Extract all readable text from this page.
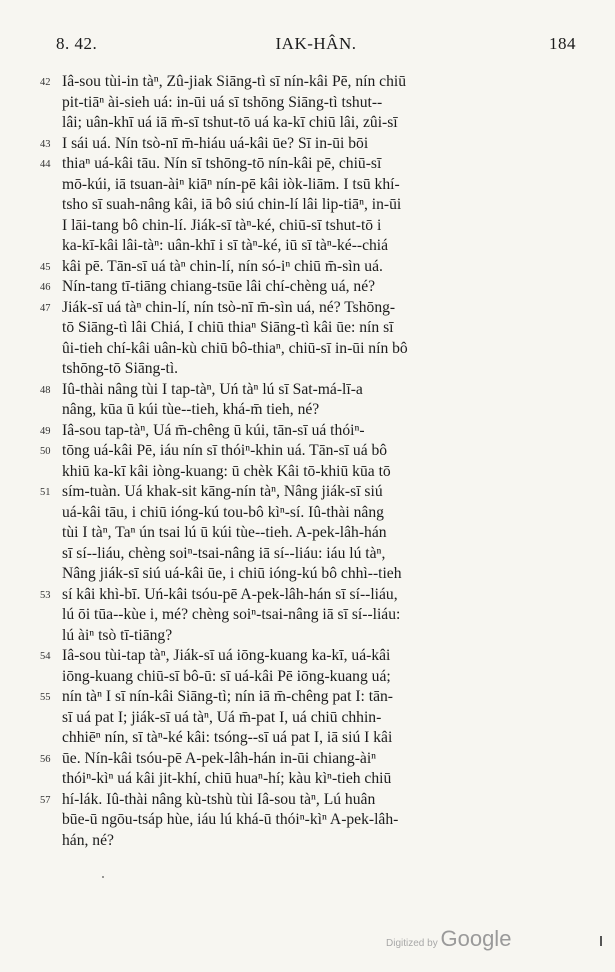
8. 42.	IAK-HÂN.	184
42 Iâ-sou tùi-in tàⁿ, Zû-jiak Siāng-tì sī nín-kâi Pē, nín chiū
pit-tiāⁿ ài-sieh uá: in-ūi uá sī tshōng Siāng-tì tshut--
lâi; uân-khī uá iā m̄-sī tshut-tō uá ka-kī chiū lâi, zûi-sī
43 I sái uá. Nín tsò-nī m̄-hiáu uá-kâi ūe? Sī in-ūi bōi
44 thiaⁿ uá-kâi tāu. Nín sī tshōng-tō nín-kâi pē, chiū-sī
mō-kúi, iā tsuan-àiⁿ kiāⁿ nín-pē kâi iòk-liām. I tsū khí-
tsho sī suah-nâng kâi, iā bô siú chin-lí lâi lip-tiāⁿ, in-ūi
I lāi-tang bô chin-lí. Jiák-sī tàⁿ-ké, chiū-sī tshut-tō i
ka-kī-kâi lâi-tàⁿ: uân-khī i sī tàⁿ-ké, iū sī tàⁿ-ké--chiá
45 kâi pē. Tān-sī uá tàⁿ chin-lí, nín só-iⁿ chiū m̄-sìn uá.
46 Nín-tang tī-tiāng chiang-tsūe lâi chí-chèng uá, né?
47 Jiák-sī uá tàⁿ chin-lí, nín tsò-nī m̄-sìn uá, né? Tshōng-
tō Siāng-tì lâi Chiá, I chiū thiaⁿ Siāng-tì kâi ūe: nín sī
ûi-tieh chí-kâi uân-kù chiū bô-thiaⁿ, chiū-sī in-ūi nín bô
tshōng-tō Siāng-tì.
48 Iû-thài nâng tùi I tap-tàⁿ, Uń tàⁿ lú sī Sat-má-lī-a
nâng, kūa ū kúi tùe--tieh, khá-m̄ tieh, né?
49 Iâ-sou tap-tàⁿ, Uá m̄-chêng ū kúi, tān-sī uá thóiⁿ-
50 tōng uá-kâi Pē, iáu nín sī thóiⁿ-khin uá. Tān-sī uá bô
khiū ka-kī kâi iòng-kuang: ū chèk Kâi tō-khiū kūa tō
51 sím-tuàn. Uá khak-sit kāng-nín tàⁿ, Nâng jiák-sī siú
uá-kâi tāu, i chiū ióng-kú tou-bô kìⁿ-sí. Iû-thài nâng
tùi I tàⁿ, Taⁿ ún tsai lú ū kúi tùe--tieh. A-pek-lâh-hán
sī sí--liáu, chèng soiⁿ-tsai-nâng iā sí--liáu: iáu lú tàⁿ,
Nâng jiák-sī siú uá-kâi ūe, i chiū ióng-kú bô chhì--tieh
53 sí kâi khì-bī. Uń-kâi tsóu-pē A-pek-lâh-hán sī sí--liáu,
lú ōi tūa--kùe i, mé? chèng soiⁿ-tsai-nâng iā sī sí--liáu:
lú àiⁿ tsò tī-tiāng?
54 Iâ-sou tùi-tap tàⁿ, Jiák-sī uá iōng-kuang ka-kī, uá-kâi
iōng-kuang chiū-sī bô-ū: sī uá-kâi Pē iōng-kuang uá;
55 nín tàⁿ I sī nín-kâi Siāng-tì; nín iā m̄-chêng pat I: tān-
sī uá pat I; jiák-sī uá tàⁿ, Uá m̄-pat I, uá chiū chhin-
chhiēⁿ nín, sī tàⁿ-ké kâi: tsóng--sī uá pat I, iā siú I kâi
56 ūe. Nín-kâi tsóu-pē A-pek-lâh-hán in-ūi chiang-àiⁿ
thóiⁿ-kìⁿ uá kâi jit-khí, chiū huaⁿ-hí; kàu kìⁿ-tieh chiū
57 hí-lák. Iû-thài nâng kù-tshù tùi Iâ-sou tàⁿ, Lú huân
būe-ū ngōu-tsáp hùe, iáu lú khá-ū thóiⁿ-kìⁿ A-pek-lâh-
hán, né?
Digitized by Google
